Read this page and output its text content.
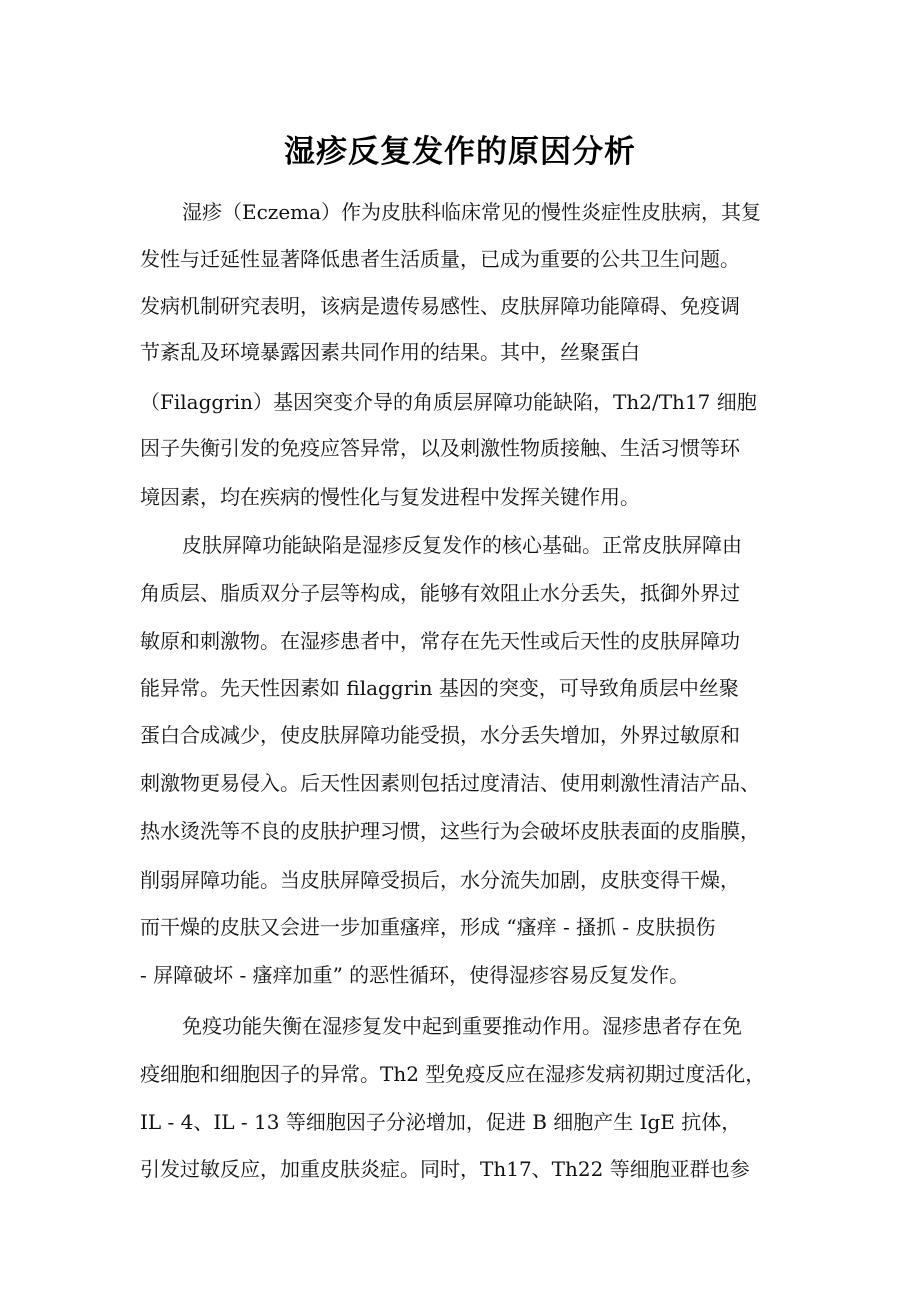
湿疹反复发作的原因分析
湿疹（Eczema）作为皮肤科临床常见的慢性炎症性皮肤病，其复
发性与迁延性显著降低患者生活质量，已成为重要的公共卫生问题。
发病机制研究表明，该病是遗传易感性、皮肤屏障功能障碍、免疫调
节紊乱及环境暴露因素共同作用的结果。其中，丝聚蛋白
（Filaggrin）基因突变介导的角质层屏障功能缺陷，Th2/Th17 细胞
因子失衡引发的免疫应答异常，以及刺激性物质接触、生活习惯等环
境因素，均在疾病的慢性化与复发进程中发挥关键作用。
皮肤屏障功能缺陷是湿疹反复发作的核心基础。正常皮肤屏障由
角质层、脂质双分子层等构成，能够有效阻止水分丢失，抵御外界过
敏原和刺激物。在湿疹患者中，常存在先天性或后天性的皮肤屏障功
能异常。先天性因素如 filaggrin 基因的突变，可导致角质层中丝聚
蛋白合成减少，使皮肤屏障功能受损，水分丢失增加，外界过敏原和
刺激物更易侵入。后天性因素则包括过度清洁、使用刺激性清洁产品、
热水烫洗等不良的皮肤护理习惯，这些行为会破坏皮肤表面的皮脂膜，
削弱屏障功能。当皮肤屏障受损后，水分流失加剧，皮肤变得干燥，
而干燥的皮肤又会进一步加重瘙痒，形成 “瘙痒 - 搔抓 - 皮肤损伤
- 屏障破坏 - 瘙痒加重” 的恶性循环，使得湿疹容易反复发作。
免疫功能失衡在湿疹复发中起到重要推动作用。湿疹患者存在免
疫细胞和细胞因子的异常。Th2 型免疫反应在湿疹发病初期过度活化，
IL - 4、IL - 13 等细胞因子分泌增加，促进 B 细胞产生 IgE 抗体，
引发过敏反应，加重皮肤炎症。同时，Th17、Th22 等细胞亚群也参
